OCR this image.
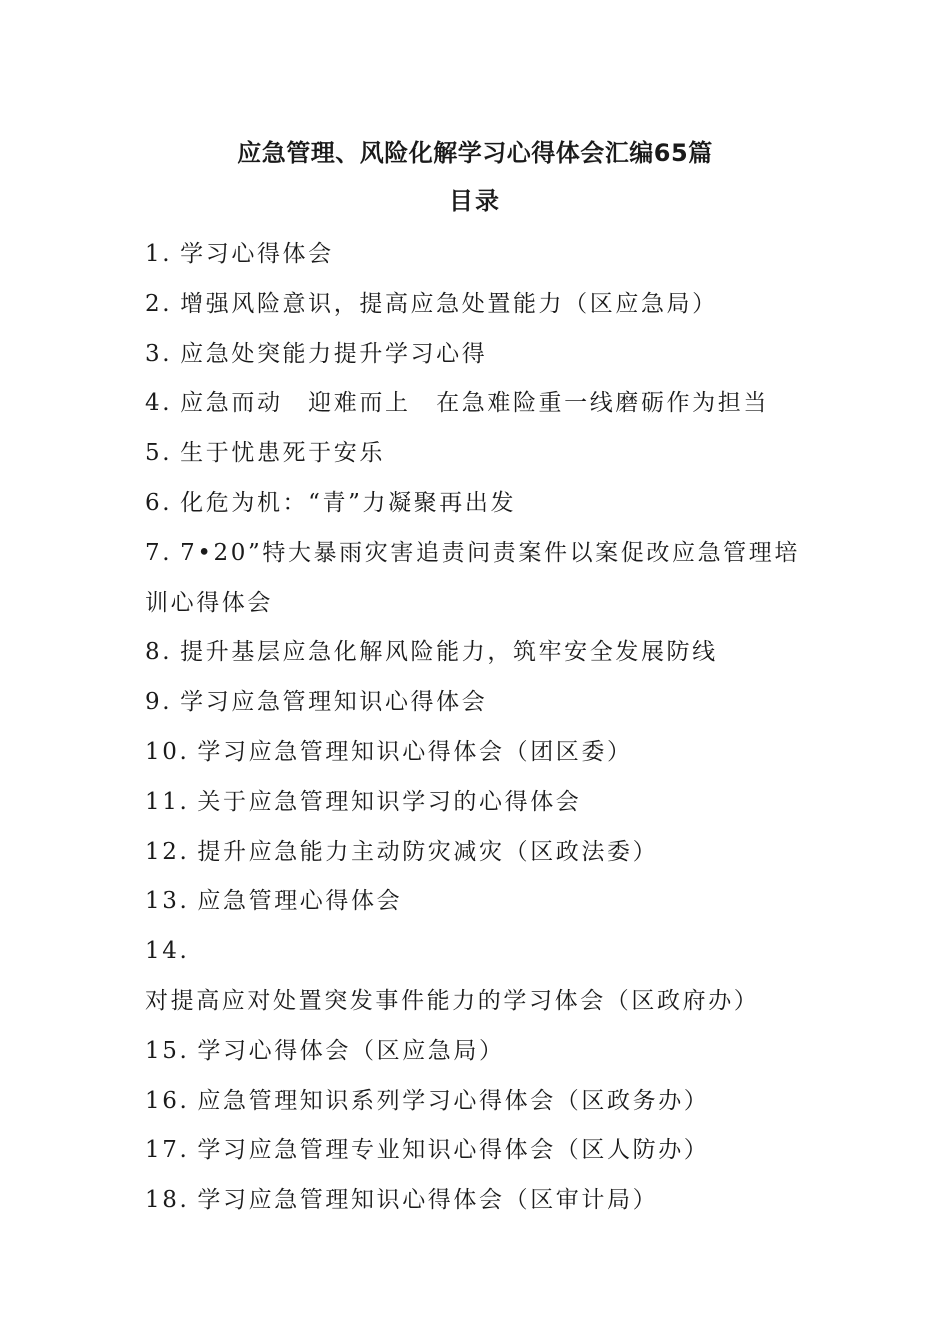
应急管理、风险化解学习心得体会汇编65篇
目录
1. 学习心得体会
2. 增强风险意识，提高应急处置能力（区应急局）
3. 应急处突能力提升学习心得
4. 应急而动　迎难而上　在急难险重一线磨砺作为担当
5. 生于忧患死于安乐
6. 化危为机：“青”力凝聚再出发
7. 7•20”特大暴雨灾害追责问责案件以案促改应急管理培训心得体会
8. 提升基层应急化解风险能力，筑牢安全发展防线
9. 学习应急管理知识心得体会
10. 学习应急管理知识心得体会（团区委）
11. 关于应急管理知识学习的心得体会
12. 提升应急能力主动防灾减灾（区政法委）
13. 应急管理心得体会
14.对提高应对处置突发事件能力的学习体会（区政府办）
15. 学习心得体会（区应急局）
16. 应急管理知识系列学习心得体会（区政务办）
17. 学习应急管理专业知识心得体会（区人防办）
18. 学习应急管理知识心得体会（区审计局）
